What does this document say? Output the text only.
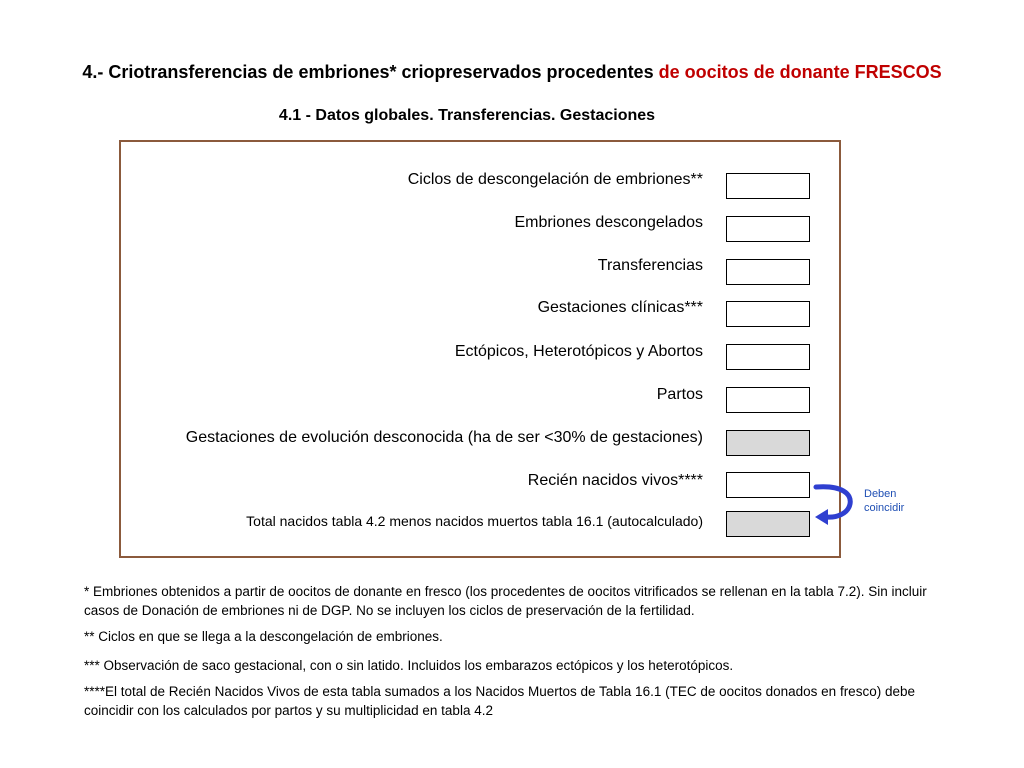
4.- Criotransferencias de embriones* criopreservados procedentes de oocitos de donante FRESCOS
4.1 - Datos globales. Transferencias. Gestaciones
Ciclos de descongelación de embriones**
Embriones descongelados
Transferencias
Gestaciones clínicas***
Ectópicos, Heterotópicos y Abortos
Partos
Gestaciones de evolución desconocida (ha de ser <30% de gestaciones)
Recién nacidos vivos****
Total nacidos tabla 4.2 menos nacidos muertos tabla 16.1 (autocalculado)
Deben
coincidir
* Embriones obtenidos a partir de oocitos de donante en fresco (los procedentes de oocitos vitrificados se rellenan en la tabla 7.2). Sin incluir casos de Donación de embriones ni de DGP. No se incluyen los ciclos de preservación de la fertilidad.
** Ciclos en que se llega a la descongelación de embriones.
*** Observación de saco gestacional, con o sin latido. Incluidos los embarazos ectópicos y los heterotópicos.
****El total de Recién Nacidos Vivos de esta tabla sumados a los Nacidos Muertos de Tabla 16.1 (TEC de oocitos donados en fresco) debe coincidir con los calculados por partos y su multiplicidad en tabla 4.2
